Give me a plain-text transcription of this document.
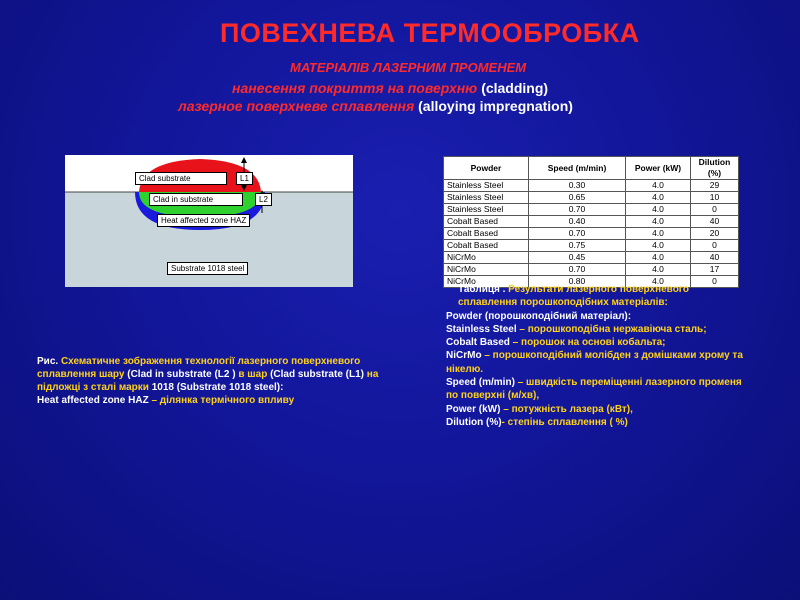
ПОВЕХНЕВА ТЕРМООБРОБКА
МАТЕРІАЛІВ ЛАЗЕРНИМ ПРОМЕНЕМ
нанесення покриття на поверхню (cladding)
лазерное поверхневе сплавлення (alloying impregnation)
Clad substrate	L1
Clad in substrate	L2
Heat affected zone HAZ
Substrate 1018 steel
Powder	Speed (m/min)	Power (kW)	Dilution (%)
Stainless Steel	0.30	4.0	29
Stainless Steel	0.65	4.0	10
Stainless Steel	0.70	4.0	0
Cobalt Based	0.40	4.0	40
Cobalt Based	0.70	4.0	20
Cobalt Based	0.75	4.0	0
NiCrMo	0.45	4.0	40
NiCrMo	0.70	4.0	17
NiCrMo	0.80	4.0	0
Рис. Схематичне зображення технології лазерного поверхневого сплавлення шару (Clad in substrate (L2 ) в шар (Clad substrate (L1) на підложці з сталі марки 1018 (Substrate 1018 steel):
Heat affected zone HAZ – ділянка термічного впливу

Таблиця . Результати лазерного поверхневого сплавлення порошкоподібних матеріалів:

Powder (порошкоподібний матеріал):

Stainless Steel – порошкоподібна нержавіюча сталь;

Cobalt Based – порошок на основі кобальта;

NiCrMo – порошкоподібний молібден з домішками хрому та нікелю.

Speed (m/min) – швидкість переміщенні лазерного променя по поверхні (м/хв),

Power (kW) – потужність лазера (кВт),

Dilution (%)- степінь сплавлення ( %)
